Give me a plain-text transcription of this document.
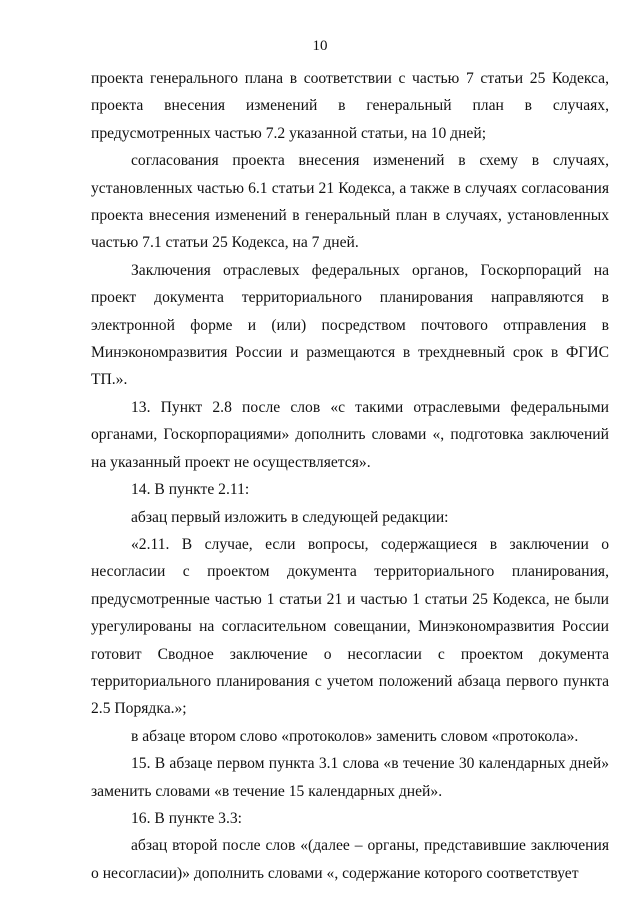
10

проекта генерального плана в соответствии с частью 7 статьи 25 Кодекса, проекта внесения изменений в генеральный план в случаях, предусмотренных частью 7.2 указанной статьи, на 10 дней;

согласования проекта внесения изменений в схему в случаях, установленных частью 6.1 статьи 21 Кодекса, а также в случаях согласования проекта внесения изменений в генеральный план в случаях, установленных частью 7.1 статьи 25 Кодекса, на 7 дней.

Заключения отраслевых федеральных органов, Госкорпораций на проект документа территориального планирования направляются в электронной форме и (или) посредством почтового отправления в Минэкономразвития России и размещаются в трехдневный срок в ФГИС ТП.».

13. Пункт 2.8 после слов «с такими отраслевыми федеральными органами, Госкорпорациями» дополнить словами «, подготовка заключений на указанный проект не осуществляется».

14. В пункте 2.11:

абзац первый изложить в следующей редакции:

«2.11. В случае, если вопросы, содержащиеся в заключении о несогласии с проектом документа территориального планирования, предусмотренные частью 1 статьи 21 и частью 1 статьи 25 Кодекса, не были урегулированы на согласительном совещании, Минэкономразвития России готовит Сводное заключение о несогласии с проектом документа территориального планирования с учетом положений абзаца первого пункта 2.5 Порядка.»;

в абзаце втором слово «протоколов» заменить словом «протокола».

15. В абзаце первом пункта 3.1 слова «в течение 30 календарных дней» заменить словами «в течение 15 календарных дней».

16. В пункте 3.3:

абзац второй после слов «(далее – органы, представившие заключения о несогласии)» дополнить словами «, содержание которого соответствует
